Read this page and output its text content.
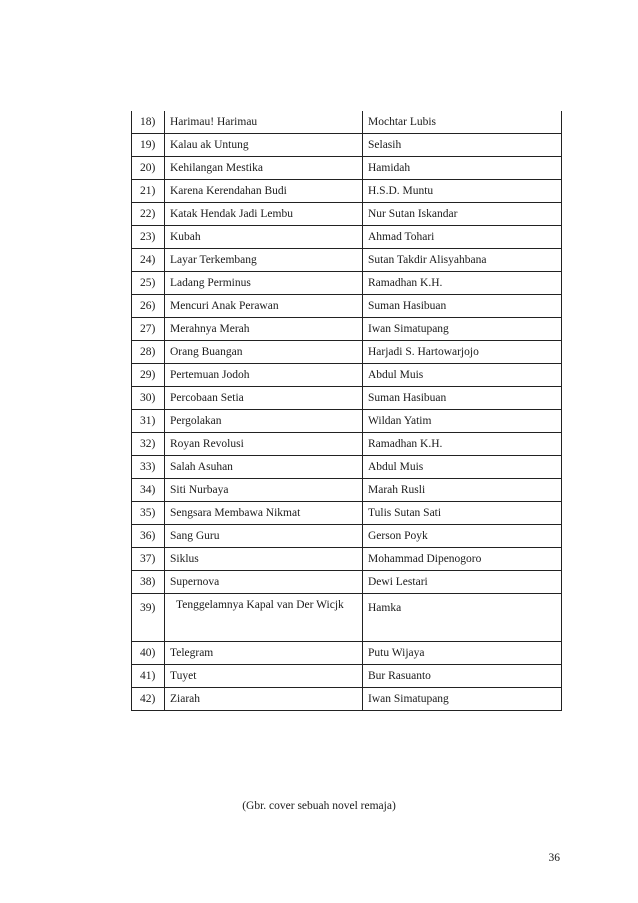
18)	Harimau! Harimau	Mochtar Lubis
19)	Kalau ak Untung	Selasih
20)	Kehilangan Mestika	Hamidah
21)	Karena Kerendahan Budi	H.S.D. Muntu
22)	Katak Hendak Jadi Lembu	Nur Sutan Iskandar
23)	Kubah	Ahmad Tohari
24)	Layar Terkembang	Sutan Takdir Alisyahbana
25)	Ladang Perminus	Ramadhan K.H.
26)	Mencuri Anak Perawan	Suman Hasibuan
27)	Merahnya Merah	Iwan Simatupang
28)	Orang Buangan	Harjadi S. Hartowarjojo
29)	Pertemuan Jodoh	Abdul Muis
30)	Percobaan Setia	Suman Hasibuan
31)	Pergolakan	Wildan Yatim
32)	Royan Revolusi	Ramadhan K.H.
33)	Salah Asuhan	Abdul Muis
34)	Siti Nurbaya	Marah Rusli
35)	Sengsara Membawa Nikmat	Tulis Sutan Sati
36)	Sang Guru	Gerson Poyk
37)	Siklus	Mohammad Dipenogoro
38)	Supernova	Dewi Lestari
39)	Tenggelamnya Kapal van Der Wicjk	Hamka
40)	Telegram	Putu Wijaya
41)	Tuyet	Bur Rasuanto
42)	Ziarah	Iwan Simatupang
(Gbr. cover sebuah novel remaja)
36
